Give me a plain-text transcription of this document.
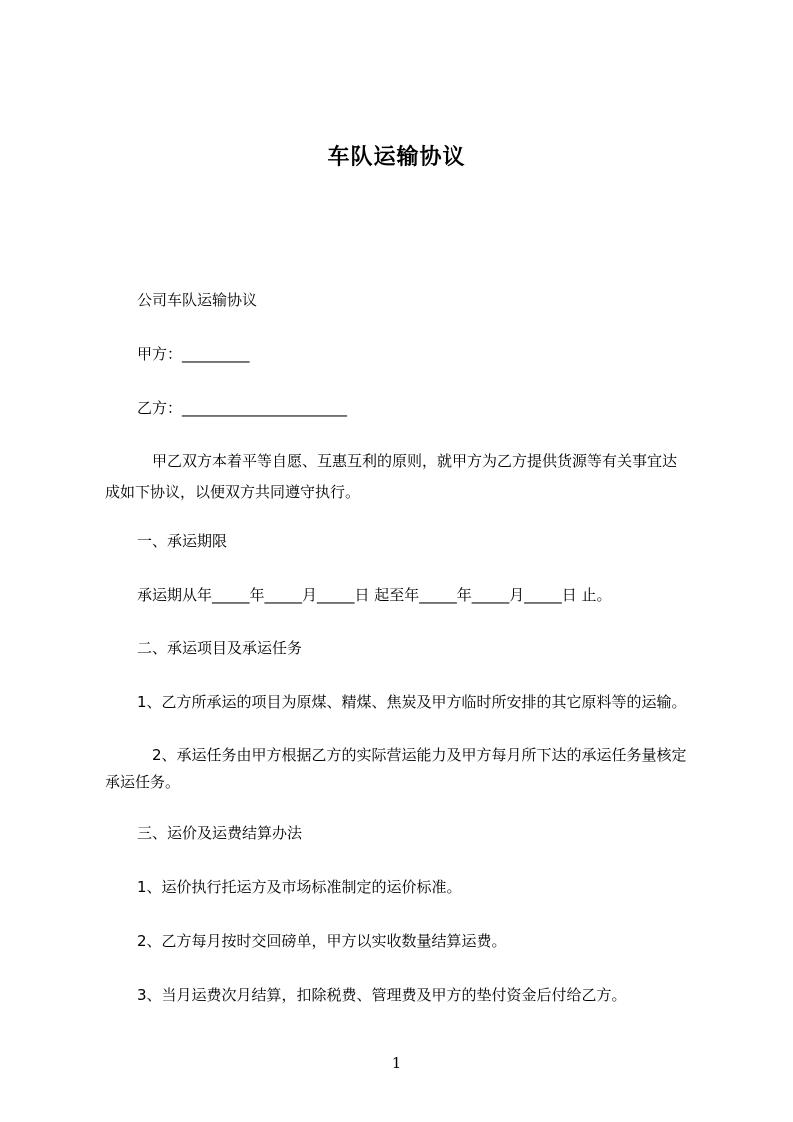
车队运输协议
公司车队运输协议
甲方：_________
乙方：______________________
　甲乙双方本着平等自愿、互惠互利的原则，就甲方为乙方提供货源等有关事宜达
成如下协议，以便双方共同遵守执行。
一、承运期限
承运期从年_____年_____月_____日 起至年_____年_____月_____日 止。
二、承运项目及承运任务
1、乙方所承运的项目为原煤、精煤、焦炭及甲方临时所安排的其它原料等的运输。
　2、承运任务由甲方根据乙方的实际营运能力及甲方每月所下达的承运任务量核定
承运任务。
三、运价及运费结算办法
1、运价执行托运方及市场标准制定的运价标准。
2、乙方每月按时交回磅单，甲方以实收数量结算运费。
3、当月运费次月结算，扣除税费、管理费及甲方的垫付资金后付给乙方。
1
